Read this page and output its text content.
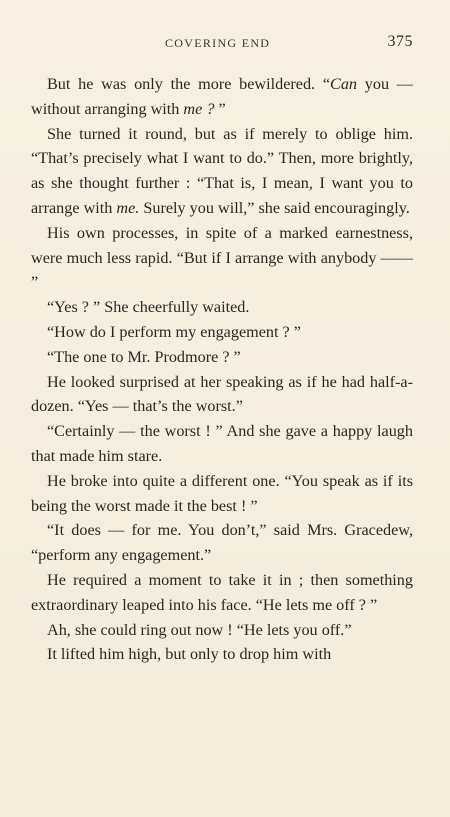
COVERING END	375

But he was only the more bewildered. “Can you — without arranging with me ? ”

She turned it round, but as if merely to oblige him. “That’s precisely what I want to do.” Then, more brightly, as she thought further : “That is, I mean, I want you to arrange with me. Surely you will,” she said encouragingly.

His own processes, in spite of a marked earnestness, were much less rapid. “But if I arrange with anybody —— ”

“Yes ? ” She cheerfully waited.

“How do I perform my engagement ? ”

“The one to Mr. Prodmore ? ”

He looked surprised at her speaking as if he had half-a-dozen. “Yes — that’s the worst.”

“Certainly — the worst ! ” And she gave a happy laugh that made him stare.

He broke into quite a different one. “You speak as if its being the worst made it the best ! ”

“It does — for me. You don’t,” said Mrs. Gracedew, “perform any engagement.”

He required a moment to take it in ; then something extraordinary leaped into his face. “He lets me off ? ”

Ah, she could ring out now ! “He lets you off.”

It lifted him high, but only to drop him with
